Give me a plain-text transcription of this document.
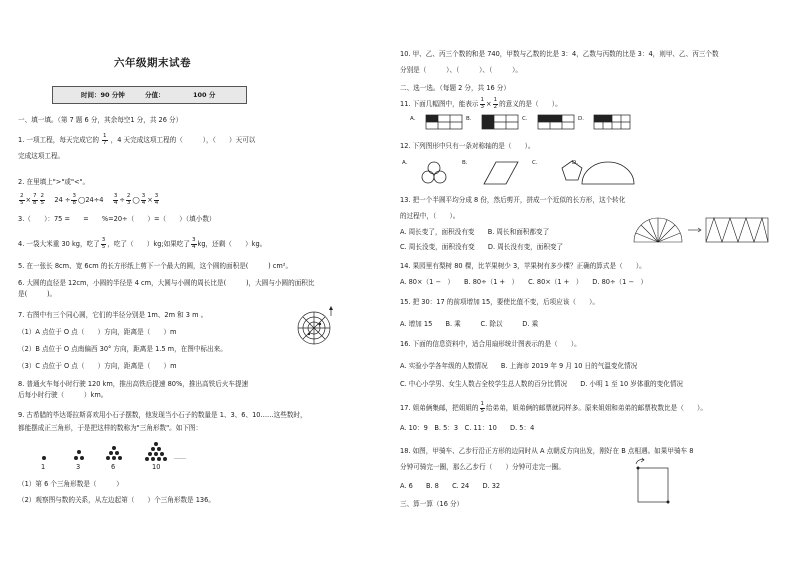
六年级期末试卷
时间：90 分钟	分值：	100 分
一、填一填。（第 7 题 6 分，其余每空1 分，共 26 分）
1. 一项工程，每天完成它的 $\frac{1}{7}$ ，4 天完成这项工程的（　　　），（　　）天可以
完成这项工程。
2. 在里填上">"或"<"。
$\frac{2}{5} \times \frac{7}{8} \frac{2}{5} 24 \div \frac{3}{8}$ ◯24÷4 $\frac{3}{4} \div \frac{2}{3}$ ◯ $\frac{3}{4} \times \frac{3}{4}$
3.（　　）：75 =　　=　　%=20÷（　　）=（　　）（填小数）
4. 一袋大米重 30 kg，吃了 $\frac{3}{5}$ ，吃了（　　）kg;如果吃了 $\frac{3}{4}$ kg，还剩（　　）kg。
5. 在一张长 8cm、宽 6cm 的长方形纸上剪下一个最大的圆，这个圆的面积是(　　　) cm²。
6. 大圆的直径是 12cm，小圆的半径是 4 cm，大圆与小圆的周长比是(　　　)，大圆与小圆的面积比
是(　　　)。
7. 右图中有三个同心圆，它们的半径分别是 1m、2m 和 3 m 。
（1）A 点位于 O 点（　　）方向，距离是（　　）m
（2）B 点位于 O 点南偏西 30° 方向，距离是 1.5 m，在图中标出来。
（3）C 点位于 O 点（　　）方向，距离是（　　）m
8. 普通火车每小时行驶 120 km，推出高铁后提速 80%，推出高铁后火车提速
后每小时行驶（　　　）km。
9. 古希腊的毕达哥拉斯喜欢用小石子摆数，他发现当小石子的数量是 1、3、6、10……这些数时，
都能摆成正三角形，于是把这样的数称为"三角形数"。如下图：
……
1	3	6	10
（1）第 6 个三角形数是（　　　）
（2）观察图与数的关系，从左边起第（　　）个三角形数是 136。
10. 甲、乙、丙三个数的和是 740，甲数与乙数的比是 3：4，乙数与丙数的比是 3：4，则甲、乙、丙三个数
分别是（　　　）、（　　　）、（　　　）。
二、选一选。（每题 2 分，共 16 分）
11. 下面几幅图中，能表示 $\frac{1}{3} \times \frac{1}{2}$ 的意义的是（　　）。
A.	B.	C.	D.
12. 下列图形中只有一条对称轴的是（　　）。
A.	B.	C.	D.
13. 把一个半圆平均分成 8 份，然后剪开，拼成一个近似的长方形，这个转化
的过程中，（　　）。
A. 周长变了，面积没有变　　B. 周长和面积都变了
C. 周长没变，面积没有变　　D. 周长没有变，面积变了
14. 果园里有梨树 80 棵，比苹果树少 3，苹果树有多少棵？正确的算式是（　　）。
A. 80×（1 −　）　　B. 80÷（1 +　）　　C. 80×（1 +　）　　D. 80÷（1 −　）
15. 把 30：17 的前项增加 15，要使比值不变，后项应该（　　）。
A. 增加 15　　B. 乘　　　C. 除以　　　D. 乘
16. 下面的信息资料中，适合用扇形统计图表示的是（　　）。
A. 实验小学各年级的人数情况　　B. 上海市 2019 年 9 月 10 日的气温变化情况
C. 中心小学男、女生人数占全校学生总人数的百分比情况　　D. 小明 1 至 10 岁体重的变化情况
17. 姐弟俩集邮，把姐姐的 $\frac{1}{5}$ 给弟弟，姐弟俩的邮票就同样多。原来姐姐和弟弟的邮票枚数比是（　　）。
A. 10：9　B. 5：3　C. 11：10　　D. 5：4
18. 如图，甲骑车、乙步行沿正方形的边同时从 A 点朝反方向出发，刚好在 B 点相遇。如果甲骑车 8
分钟可骑完一圈，那么乙步行（　　）分钟可走完一圈。
A. 6　　B. 8　　C. 24　　D. 32
三、算一算（16 分）
